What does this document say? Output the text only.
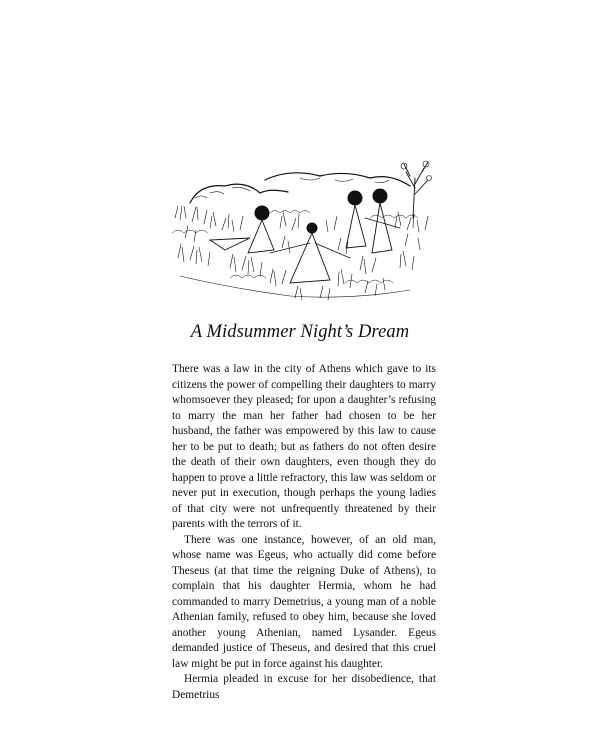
A Midsummer Night’s Dream

There was a law in the city of Athens which gave to its citizens the power of compelling their daughters to marry whomsoever they pleased; for upon a daughter’s refusing to marry the man her father had chosen to be her husband, the father was empowered by this law to cause her to be put to death; but as fathers do not often desire the death of their own daughters, even though they do happen to prove a little refractory, this law was seldom or never put in execution, though perhaps the young ladies of that city were not unfrequently threatened by their parents with the terrors of it.

There was one instance, however, of an old man, whose name was Egeus, who actually did come before Theseus (at that time the reigning Duke of Athens), to complain that his daughter Hermia, whom he had commanded to marry Demetrius, a young man of a noble Athenian family, refused to obey him, because she loved another young Athenian, named Lysander. Egeus demanded justice of Theseus, and desired that this cruel law might be put in force against his daughter.

Hermia pleaded in excuse for her disobedience, that Demetrius
